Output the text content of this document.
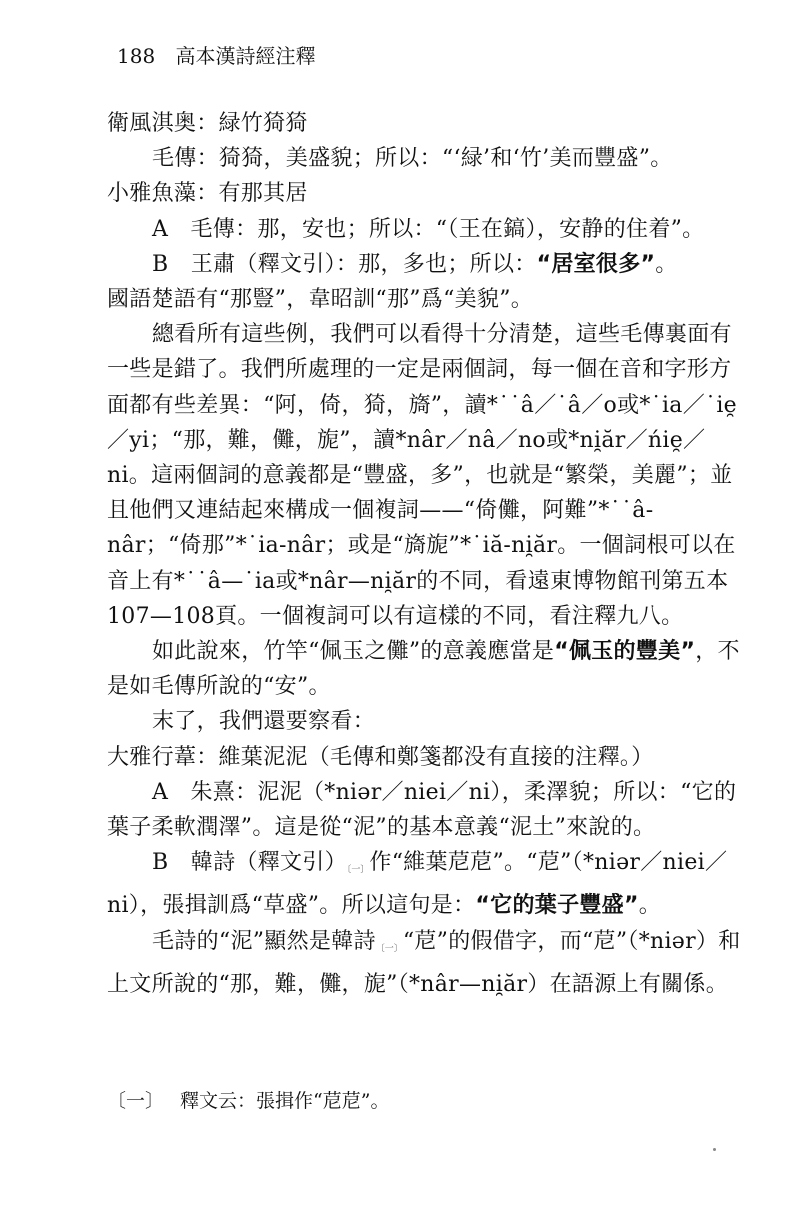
188 高本漢詩經注釋

衛風淇奥：緑竹猗猗

毛傳：猗猗，美盛貌；所以：“‘緑’和‘竹’美而豐盛”。

小雅魚藻：有那其居

A　毛傳：那，安也；所以：“（王在鎬），安静的住着”。

B　王肅（釋文引）：那，多也；所以：“居室很多”。

國語楚語有“那豎”，韋昭訓“那”爲“美貌”。

總看所有這些例，我們可以看得十分清楚，這些毛傳裏面有一些是錯了。我們所處理的一定是兩個詞，每一個在音和字形方面都有些差異：“阿，倚，猗，旖”，讀*˙˙â／˙â／o或*˙ia／˙ie̯／yi；“那，難，儺，旎”，讀*nâr／nâ／no或*ni̯ăr／ńie̯／ni。這兩個詞的意義都是“豐盛，多”，也就是“繁榮，美麗”；並且他們又連結起來構成一個複詞——“倚儺，阿難”*˙˙â-nâr；“倚那”*˙ia-nâr；或是“旖旎”*˙iă-ni̯ăr。一個詞根可以在音上有*˙˙â—˙ia或*nâr—ni̯ăr的不同，看遠東博物館刊第五本107—108頁。一個複詞可以有這樣的不同，看注釋九八。

如此說來，竹竿“佩玉之儺”的意義應當是“佩玉的豐美”，不是如毛傳所說的“安”。

末了，我們還要察看：

大雅行葦：維葉泥泥（毛傳和鄭箋都没有直接的注釋。）

A　朱熹：泥泥（*niər／niei／ni），柔澤貌；所以：“它的葉子柔軟潤澤”。這是從“泥”的基本意義“泥土”來說的。

B　韓詩（釋文引）〔一〕作“維葉苨苨”。“苨”（*niər／niei／ni），張揖訓爲“草盛”。所以這句是：“它的葉子豐盛”。

毛詩的“泥”顯然是韓詩〔一〕“苨”的假借字，而“苨”（*niər）和上文所說的“那，難，儺，旎”（*nâr—ni̯ăr）在語源上有關係。

〔一〕 釋文云：張揖作“苨苨”。
